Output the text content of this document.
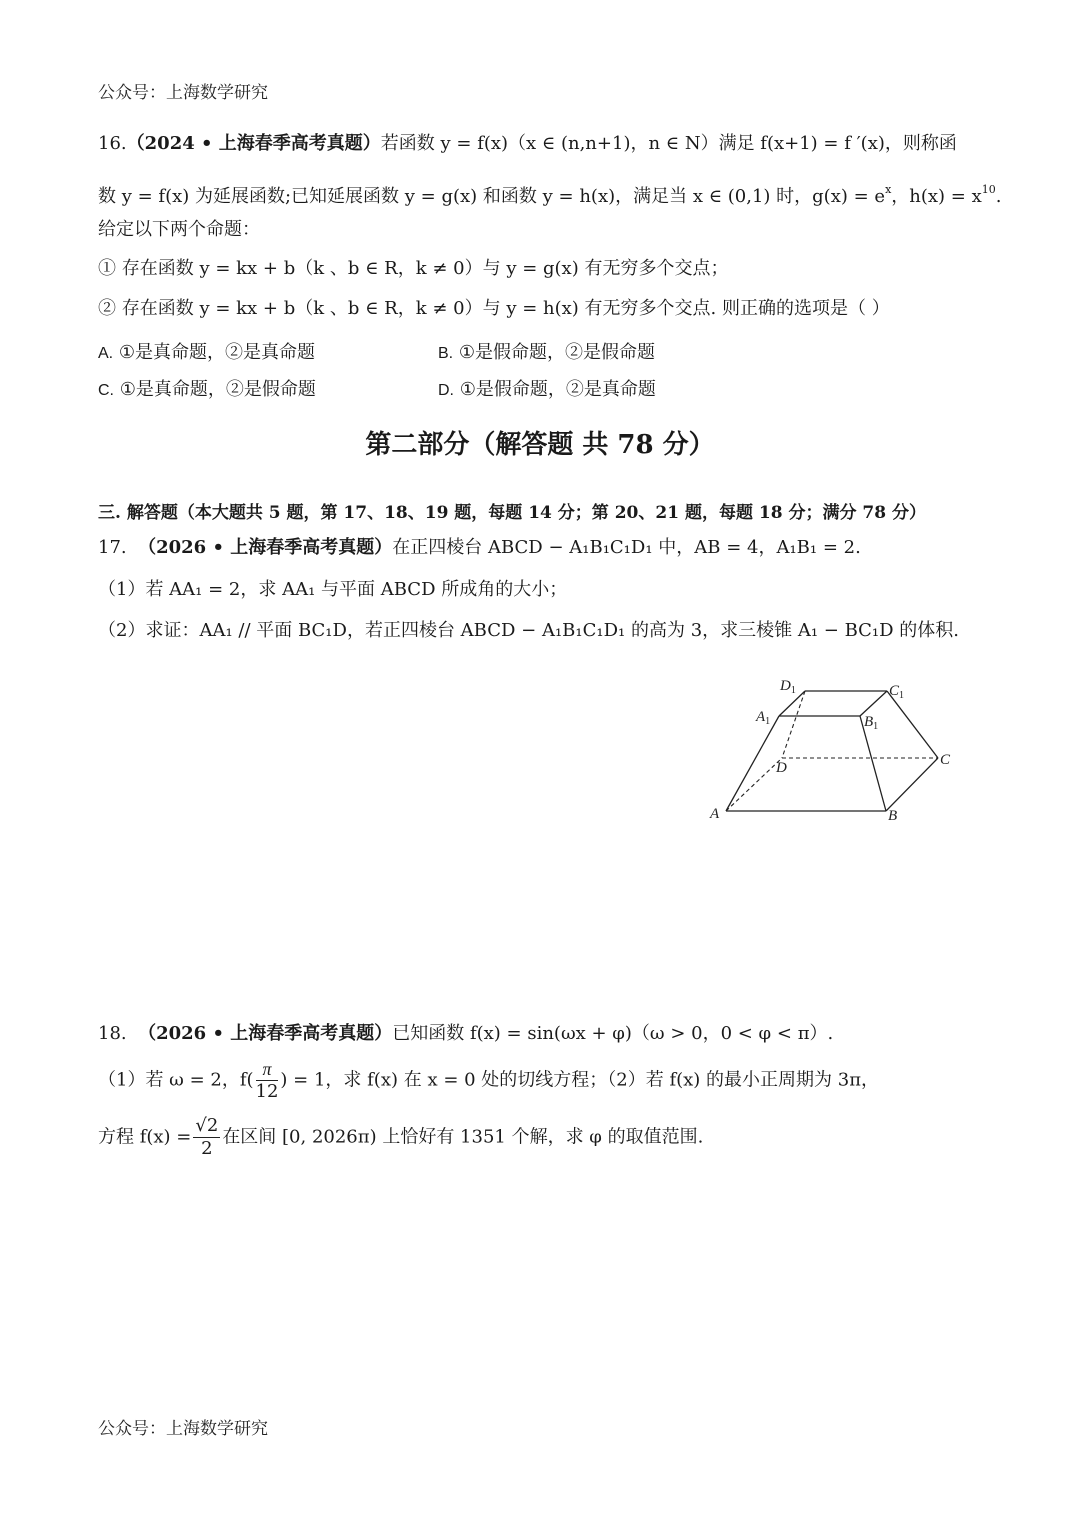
公众号：上海数学研究
16.（2024 • 上海春季高考真题）若函数 y = f(x)（x ∈ (n,n+1)，n ∈ N）满足 f(x+1) = f ′(x)，则称函
数 y = f(x) 为延展函数;已知延展函数 y = g(x) 和函数 y = h(x)，满足当 x ∈ (0,1) 时，$g(x) = e^x$，$h(x) = x^{10}$.
给定以下两个命题：
① 存在函数 y = kx + b（k 、b ∈ R，k ≠ 0）与 y = g(x) 有无穷多个交点；
② 存在函数 y = kx + b（k 、b ∈ R，k ≠ 0）与 y = h(x) 有无穷多个交点. 则正确的选项是（ ）
A. ①是真命题，②是真命题	B. ①是假命题，②是假命题
C. ①是真命题，②是假命题	D. ①是假命题，②是真命题
第二部分（解答题 共 78 分）
三. 解答题（本大题共 5 题，第 17、18、19 题，每题 14 分；第 20、21 题，每题 18 分；满分 78 分）
17. （2026 • 上海春季高考真题）在正四棱台 ABCD − A₁B₁C₁D₁ 中，AB = 4，A₁B₁ = 2.
（1）若 AA₁ = 2，求 AA₁ 与平面 ABCD 所成角的大小；
（2）求证：AA₁ // 平面 BC₁D，若正四棱台 ABCD − A₁B₁C₁D₁ 的高为 3，求三棱锥 A₁ − BC₁D 的体积.
$D_1$	$C_1$
$A_1$	$B_1$
D	C
A	B
18. （2026 • 上海春季高考真题）已知函数 f(x) = sin(ωx + φ)（ω > 0，0 < φ < π）.
（1）若 ω = 2，$f( \frac{\pi}{12}$ ) = 1，求 f(x) 在 x = 0 处的切线方程；（2）若 f(x) 的最小正周期为 3π，
方程 $f(x) = \frac{√2}{2}$ 在区间 [0, 2026π) 上恰好有 1351 个解，求 φ 的取值范围.
公众号：上海数学研究
